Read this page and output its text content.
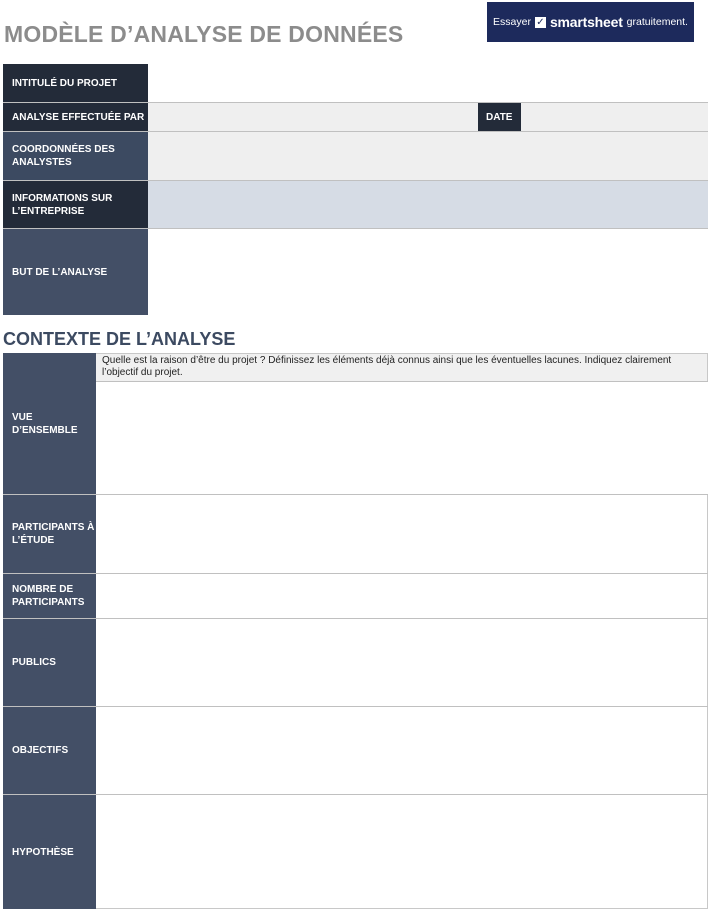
MODÈLE D’ANALYSE DE DONNÉES	Essayer ✓ smartsheet gratuitement.
INTITULÉ DU PROJET
ANALYSE EFFECTUÉE PAR	DATE
COORDONNÉES DES ANALYSTES
INFORMATIONS SUR L’ENTREPRISE
BUT DE L’ANALYSE
CONTEXTE DE L’ANALYSE
VUE D’ENSEMBLE
Quelle est la raison d’être du projet ? Définissez les éléments déjà connus ainsi que les éventuelles lacunes. Indiquez clairement l’objectif du projet.
PARTICIPANTS À L’ÉTUDE
NOMBRE DE PARTICIPANTS
PUBLICS
OBJECTIFS
HYPOTHÈSE
